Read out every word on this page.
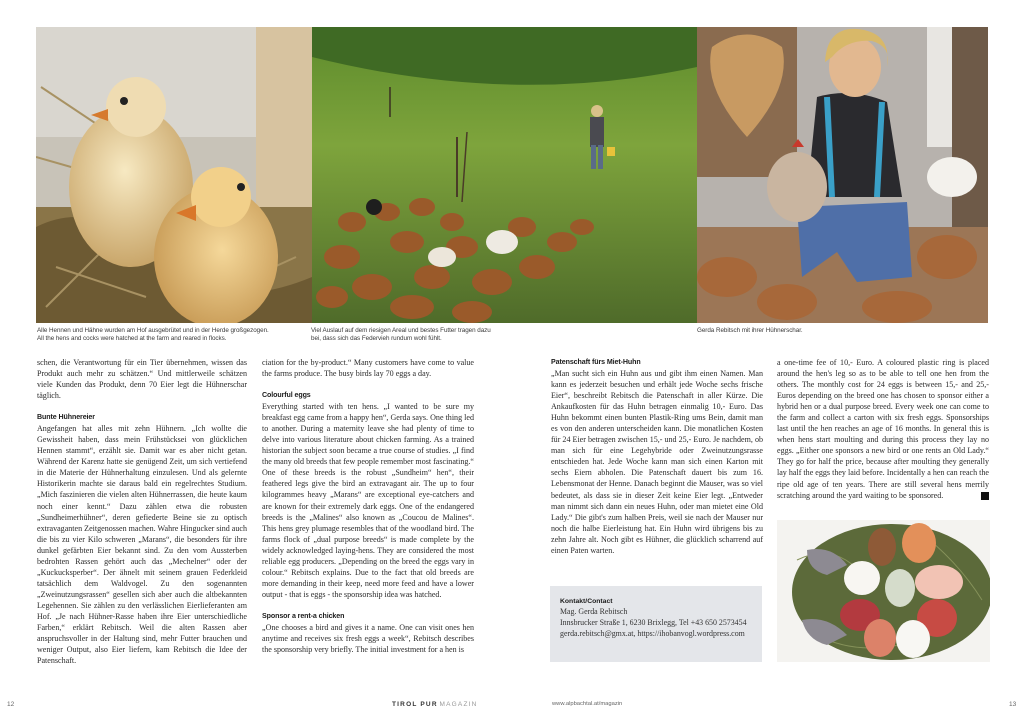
Alle Hennen und Hähne wurden am Hof ausgebrütet und in der Herde großgezogen.
All the hens and cocks were hatched at the farm and reared in flocks.
Viel Auslauf auf dem riesigen Areal und bestes Futter tragen dazu bei, dass sich das Federvieh rundum wohl fühlt.
Gerda Rebitsch mit ihrer Hühnerschar.

schen, die Verantwortung für ein Tier übernehmen, wissen das Produkt auch mehr zu schätzen.“ Und mittlerweile schätzen viele Kunden das Produkt, denn 70 Eier legt die Hühnerschar täglich.

Bunte Hühnereier

Angefangen hat alles mit zehn Hühnern. „Ich wollte die Gewissheit haben, dass mein Frühstücksei von glücklichen Hennen stammt“, erzählt sie. Damit war es aber nicht getan. Während der Karenz hatte sie genügend Zeit, um sich vertiefend in die Materie der Hühnerhaltung einzulesen. Und als gelernte Historikerin machte sie daraus bald ein regelrechtes Studium. „Mich faszinieren die vielen alten Hühnerrassen, die heute kaum noch einer kennt.“ Dazu zählen etwa die robusten „Sundheimerhühner“, deren gefiederte Beine sie zu optisch extravaganten Zeitgenossen machen. Wahre Hingucker sind auch die bis zu vier Kilo schweren „Marans“, die besonders für ihre dunkel gefärbten Eier bekannt sind. Zu den vom Aussterben bedrohten Rassen gehört auch das „Mechelner“ oder der „Kuckucksperber“. Der ähnelt mit seinem grauen Federkleid tatsächlich dem Waldvogel. Zu den sogenannten „Zweinutzungsrassen“ gesellen sich aber auch die altbekannten Legehennen. Sie zählen zu den verlässlichen Eierlieferanten am Hof. „Je nach Hühner-Rasse haben ihre Eier unterschiedliche Farben,“ erklärt Rebitsch. Weil die alten Rassen aber anspruchsvoller in der Haltung sind, mehr Futter brauchen und weniger Output, also Eier liefern, kam Rebitsch die Idee der Patenschaft.

ciation for the by-product.“ Many customers have come to value the farms produce. The busy birds lay 70 eggs a day.

Colourful eggs

Everything started with ten hens. „I wanted to be sure my breakfast egg came from a happy hen“, Gerda says. One thing led to another. During a maternity leave she had plenty of time to delve into various literature about chicken farming. As a trained historian the subject soon became a true course of studies. „I find the many old breeds that few people remember most fascinating.“ One of these breeds is the robust „Sundheim“ hen“, their feathered legs give the bird an extravagant air. The up to four kilogrammes heavy „Marans“ are exceptional eye-catchers and are known for their extremely dark eggs. One of the endangered breeds is the „Malines“ also known as „Coucou de Malines“. This hens grey plumage resembles that of the woodland bird. The farms flock of „dual purpose breeds“ is made complete by the widely acknowledged laying-hens. They are considered the most reliable egg producers. „Depending on the breed the eggs vary in colour.“ Rebitsch explains. Due to the fact that old breeds are more demanding in their keep, need more feed and have a lower output - that is eggs - the sponsorship idea was hatched.

Sponsor a rent-a chicken

„One chooses a bird and gives it a name. One can visit ones hen anytime and receives six fresh eggs a week“, Rebitsch describes the sponsorship very briefly. The initial investment for a hen is

Patenschaft fürs Miet-Huhn

„Man sucht sich ein Huhn aus und gibt ihm einen Namen. Man kann es jederzeit besuchen und erhält jede Woche sechs frische Eier“, beschreibt Rebitsch die Patenschaft in aller Kürze. Die Ankaufkosten für das Huhn betragen einmalig 10,- Euro. Das Huhn bekommt einen bunten Plastik-Ring ums Bein, damit man es von den anderen unterscheiden kann. Die monatlichen Kosten für 24 Eier betragen zwischen 15,- und 25,- Euro. Je nachdem, ob man sich für eine Legehybride oder Zweinutzungsrasse entschieden hat. Jede Woche kann man sich einen Karton mit sechs Eiern abholen. Die Patenschaft dauert bis zum 16. Lebensmonat der Henne. Danach beginnt die Mauser, was so viel bedeutet, als dass sie in dieser Zeit keine Eier legt. „Entweder man nimmt sich dann ein neues Huhn, oder man mietet eine Old Lady.“ Die gibt's zum halben Preis, weil sie nach der Mauser nur noch die halbe Eierleistung hat. Ein Huhn wird übrigens bis zu zehn Jahre alt. Noch gibt es Hühner, die glücklich scharrend auf einen Paten warten.

a one-time fee of 10,- Euro. A coloured plastic ring is placed around the hen's leg so as to be able to tell one hen from the others. The monthly cost for 24 eggs is between 15,- and 25,- Euros depending on the breed one has chosen to sponsor either a hybrid hen or a dual purpose breed. Every week one can come to the farm and collect a carton with six fresh eggs. Sponsorships last until the hen reaches an age of 16 months. In general this is when hens start moulting and during this process they lay no eggs. „Either one sponsors a new bird or one rents an Old Lady.“ They go for half the price, because after moulting they generally lay half the eggs they laid before. Incidentally a hen can reach the ripe old age of ten years. There are still several hens merrily scratching around the yard waiting to be sponsored.

Kontakt/Contact
Mag. Gerda Rebitsch
Innsbrucker Straße 1, 6230 Brixlegg, Tel +43 650 2573454
gerda.rebitsch@gmx.at, https://ihobanvogl.wordpress.com
12	TIROL PUR MAGAZIN	www.alpbachtal.at/magazin	13
